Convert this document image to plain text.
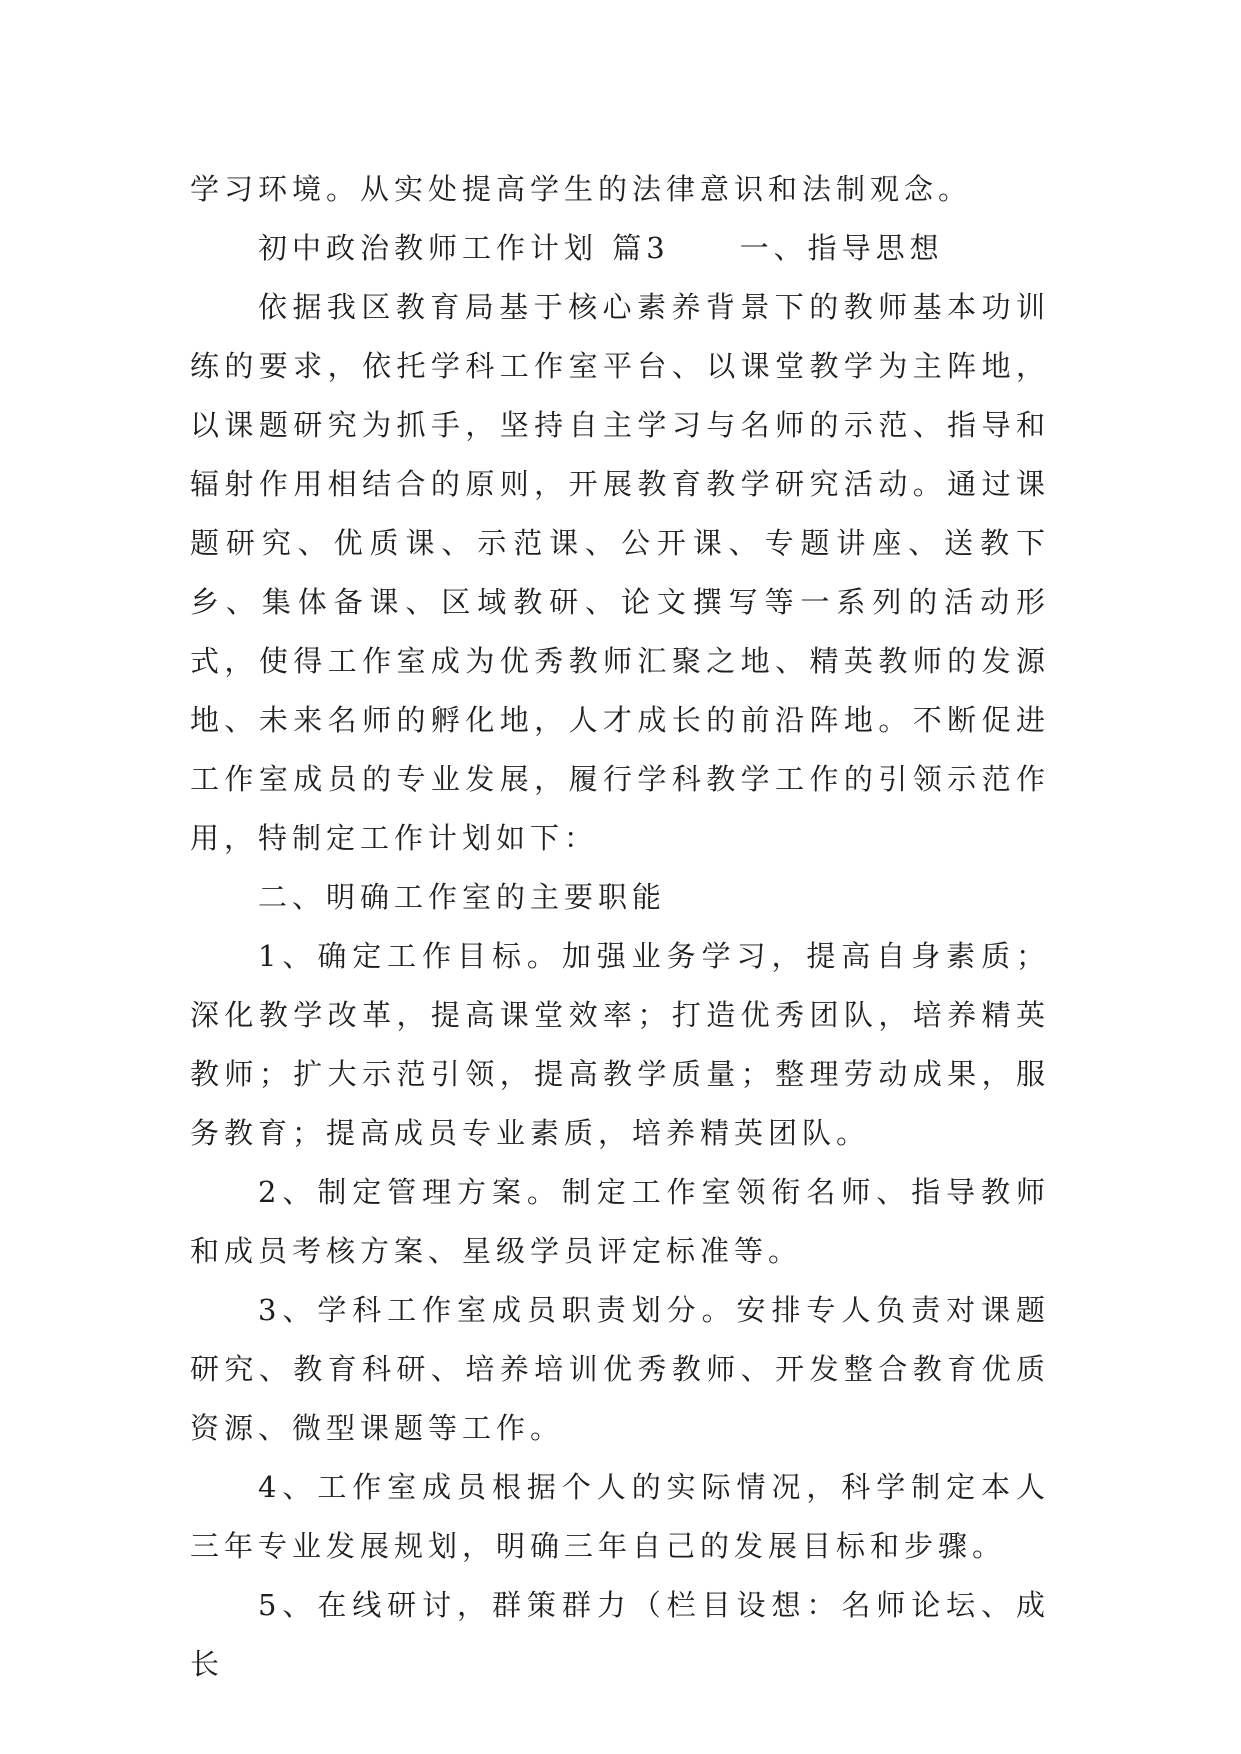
学习环境。从实处提高学生的法律意识和法制观念。

初中政治教师工作计划 篇3 一、指导思想

依据我区教育局基于核心素养背景下的教师基本功训练的要求，依托学科工作室平台、以课堂教学为主阵地，以课题研究为抓手，坚持自主学习与名师的示范、指导和辐射作用相结合的原则，开展教育教学研究活动。通过课题研究、优质课、示范课、公开课、专题讲座、送教下乡、集体备课、区域教研、论文撰写等一系列的活动形式，使得工作室成为优秀教师汇聚之地、精英教师的发源地、未来名师的孵化地，人才成长的前沿阵地。不断促进工作室成员的专业发展，履行学科教学工作的引领示范作用，特制定工作计划如下：

二、明确工作室的主要职能

1、确定工作目标。加强业务学习，提高自身素质；深化教学改革，提高课堂效率；打造优秀团队，培养精英教师；扩大示范引领，提高教学质量；整理劳动成果，服务教育；提高成员专业素质，培养精英团队。

2、制定管理方案。制定工作室领衔名师、指导教师和成员考核方案、星级学员评定标准等。

3、学科工作室成员职责划分。安排专人负责对课题研究、教育科研、培养培训优秀教师、开发整合教育优质资源、微型课题等工作。

4、工作室成员根据个人的实际情况，科学制定本人三年专业发展规划，明确三年自己的发展目标和步骤。

5、在线研讨，群策群力（栏目设想：名师论坛、成长
